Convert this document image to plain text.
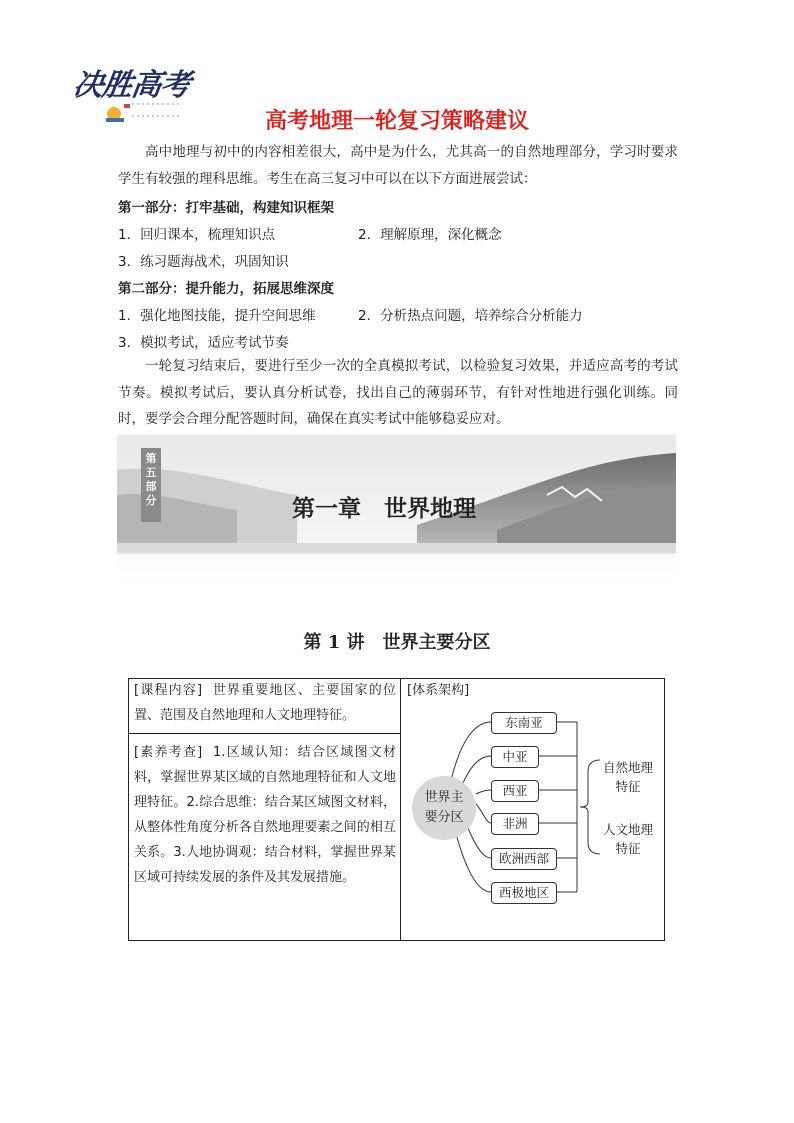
决胜高考
高考地理一轮复习策略建议

高中地理与初中的内容相差很大，高中是为什么，尤其高一的自然地理部分，学习时要求学生有较强的理科思维。考生在高三复习中可以在以下方面进展尝试：

第一部分：打牢基础，构建知识框架
1．回归课本，梳理知识点	2．理解原理，深化概念
3．练习题海战术，巩固知识
第二部分：提升能力，拓展思维深度
1．强化地图技能，提升空间思维	2．分析热点问题，培养综合分析能力
3．模拟考试，适应考试节奏

一轮复习结束后，要进行至少一次的全真模拟考试，以检验复习效果，并适应高考的考试节奏。模拟考试后，要认真分析试卷，找出自己的薄弱环节，有针对性地进行强化训练。同时，要学会合理分配答题时间，确保在真实考试中能够稳妥应对。

第
五
部
分	第一章　世界地理
第 1 讲　世界主要分区
[课程内容] 世界重要地区、主要国家的位置、范围及自然地理和人文地理特征。
[素养考查] 1.区域认知：结合区域图文材料，掌握世界某区域的自然地理特征和人文地理特征。2.综合思维：结合某区域图文材料，从整体性角度分析各自然地理要素之间的相互关系。3.人地协调观：结合材料，掌握世界某区域可持续发展的条件及其发展措施。
[体系架构]
世界主要分区
东南亚
中亚
西亚
非洲
欧洲西部
西极地区
自然地理特征
人文地理特征
